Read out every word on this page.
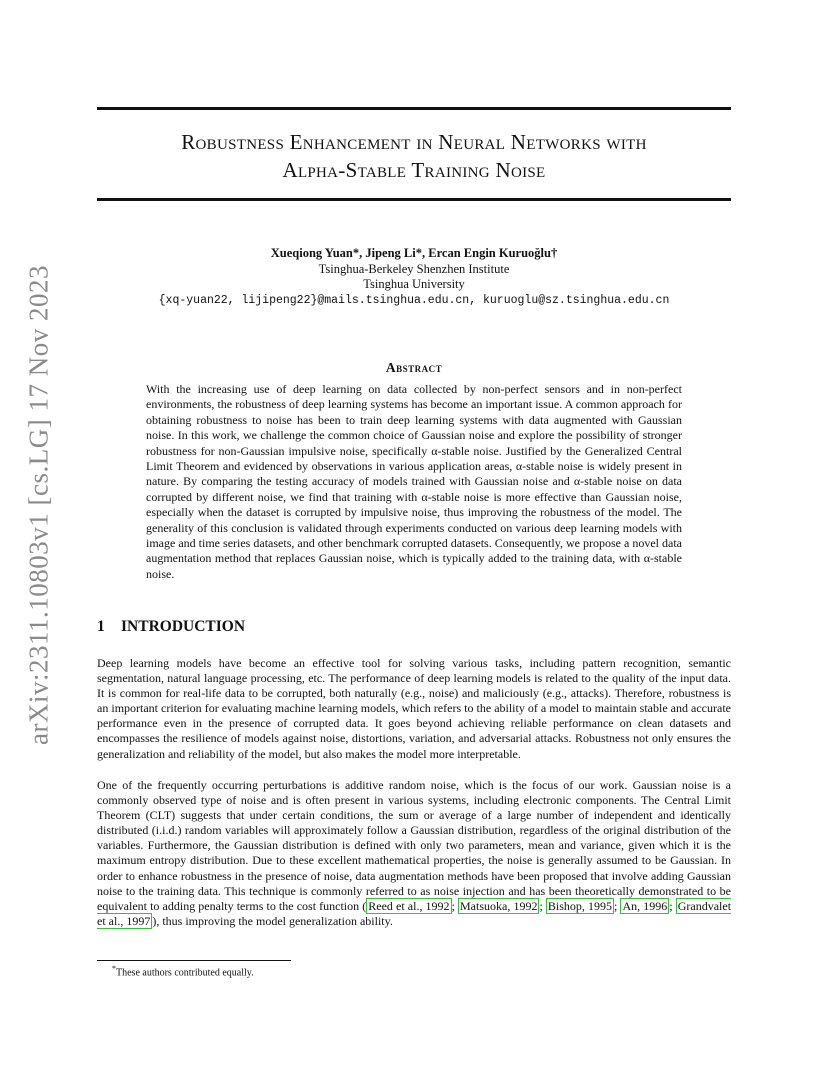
arXiv:2311.10803v1 [cs.LG] 17 Nov 2023
Robustness Enhancement in Neural Networks with
Alpha-Stable Training Noise
Xueqiong Yuan*, Jipeng Li*, Ercan Engin Kuruoğlu†
Tsinghua-Berkeley Shenzhen Institute
Tsinghua University
{xq-yuan22, lijipeng22}@mails.tsinghua.edu.cn, kuruoglu@sz.tsinghua.edu.cn
Abstract

With the increasing use of deep learning on data collected by non-perfect sensors and in non-perfect environments, the robustness of deep learning systems has become an important issue. A common approach for obtaining robustness to noise has been to train deep learning systems with data augmented with Gaussian noise. In this work, we challenge the common choice of Gaussian noise and explore the possibility of stronger robustness for non-Gaussian impulsive noise, specifically α-stable noise. Justified by the Generalized Central Limit Theorem and evidenced by observations in various application areas, α-stable noise is widely present in nature. By comparing the testing accuracy of models trained with Gaussian noise and α-stable noise on data corrupted by different noise, we find that training with α-stable noise is more effective than Gaussian noise, especially when the dataset is corrupted by impulsive noise, thus improving the robustness of the model. The generality of this conclusion is validated through experiments conducted on various deep learning models with image and time series datasets, and other benchmark corrupted datasets. Consequently, we propose a novel data augmentation method that replaces Gaussian noise, which is typically added to the training data, with α-stable noise.

1 INTRODUCTION

Deep learning models have become an effective tool for solving various tasks, including pattern recognition, semantic segmentation, natural language processing, etc. The performance of deep learning models is related to the quality of the input data. It is common for real-life data to be corrupted, both naturally (e.g., noise) and maliciously (e.g., attacks). Therefore, robustness is an important criterion for evaluating machine learning models, which refers to the ability of a model to maintain stable and accurate performance even in the presence of corrupted data. It goes beyond achieving reliable performance on clean datasets and encompasses the resilience of models against noise, distortions, variation, and adversarial attacks. Robustness not only ensures the generalization and reliability of the model, but also makes the model more interpretable.

One of the frequently occurring perturbations is additive random noise, which is the focus of our work. Gaussian noise is a commonly observed type of noise and is often present in various systems, including electronic components. The Central Limit Theorem (CLT) suggests that under certain conditions, the sum or average of a large number of independent and identically distributed (i.i.d.) random variables will approximately follow a Gaussian distribution, regardless of the original distribution of the variables. Furthermore, the Gaussian distribution is defined with only two parameters, mean and variance, given which it is the maximum entropy distribution. Due to these excellent mathematical properties, the noise is generally assumed to be Gaussian. In order to enhance robustness in the presence of noise, data augmentation methods have been proposed that involve adding Gaussian noise to the training data. This technique is commonly referred to as noise injection and has been theoretically demonstrated to be equivalent to adding penalty terms to the cost function ( Reed et al., 1992 ; Matsuoka, 1992 ; Bishop, 1995 ; An, 1996 ; Grandvalet et al., 1997 ), thus improving the model generalization ability.

*These authors contributed equally.
